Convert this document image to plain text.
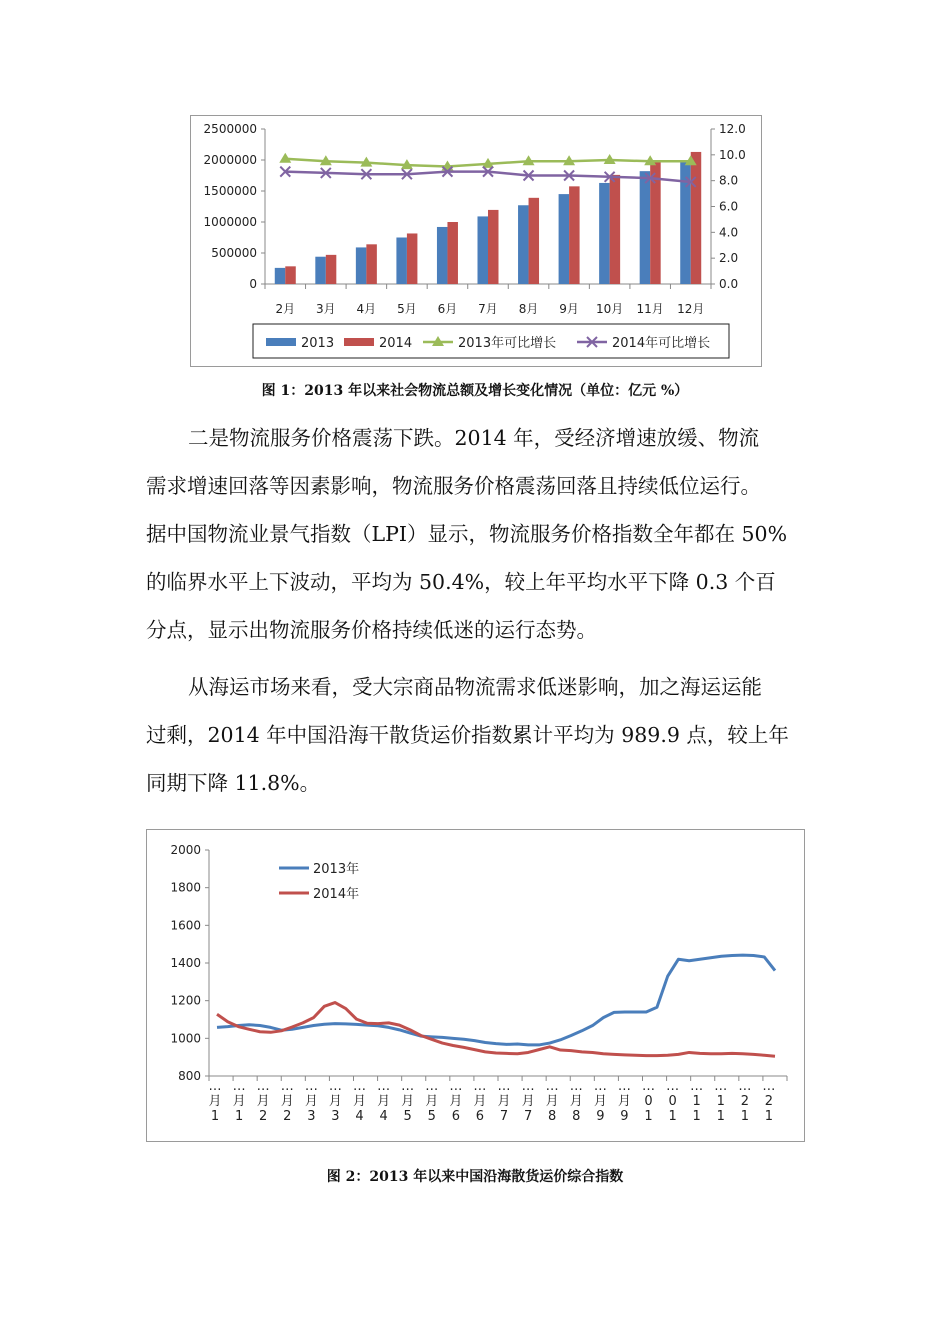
0
500000
1000000
1500000
2000000
2500000
0.0
2.0
4.0
6.0
8.0
10.0
12.0
2月 3月 4月 5月 6月 7月 8月 9月 10月 11月 12月
2013	2014	2013年可比增长	2014年可比增长
图 1：2013 年以来社会物流总额及增长变化情况（单位：亿元 %）
二是物流服务价格震荡下跌。2014 年，受经济增速放缓、物流
需求增速回落等因素影响，物流服务价格震荡回落且持续低位运行。
据中国物流业景气指数（LPI）显示，物流服务价格指数全年都在 50%
的临界水平上下波动，平均为 50.4%，较上年平均水平下降 0.3 个百
分点，显示出物流服务价格持续低迷的运行态势。
从海运市场来看，受大宗商品物流需求低迷影响，加之海运运能
过剩，2014 年中国沿海干散货运价指数累计平均为 989.9 点，较上年
同期下降 11.8%。
800
1000
1200
1400
1600
1800
2000
…
月
1
…
月
1
…
月
2
…
月
2
…
月
3
…
月
3
…
月
4
…
月
4
…
月
5
…
月
5
…
月
6
…
月
6
…
月
7
…
月
7
…
月
8
…
月
8
…
月
9
…
月
9
…
0
1
…
0
1
…
1
1
…
1
1
…
2
1
…
2
1
2013年
2014年
图 2：2013 年以来中国沿海散货运价综合指数
